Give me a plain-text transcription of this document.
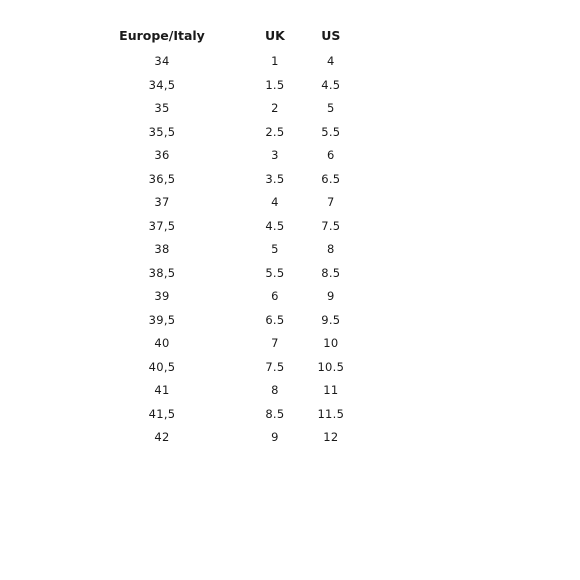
Europe/Italy		UK		US
34		1		4
34,5		1.5		4.5
35		2		5
35,5		2.5		5.5
36		3		6
36,5		3.5		6.5
37		4		7
37,5		4.5		7.5
38		5		8
38,5		5.5		8.5
39		6		9
39,5		6.5		9.5
40		7		10
40,5		7.5		10.5
41		8		11
41,5		8.5		11.5
42		9		12
